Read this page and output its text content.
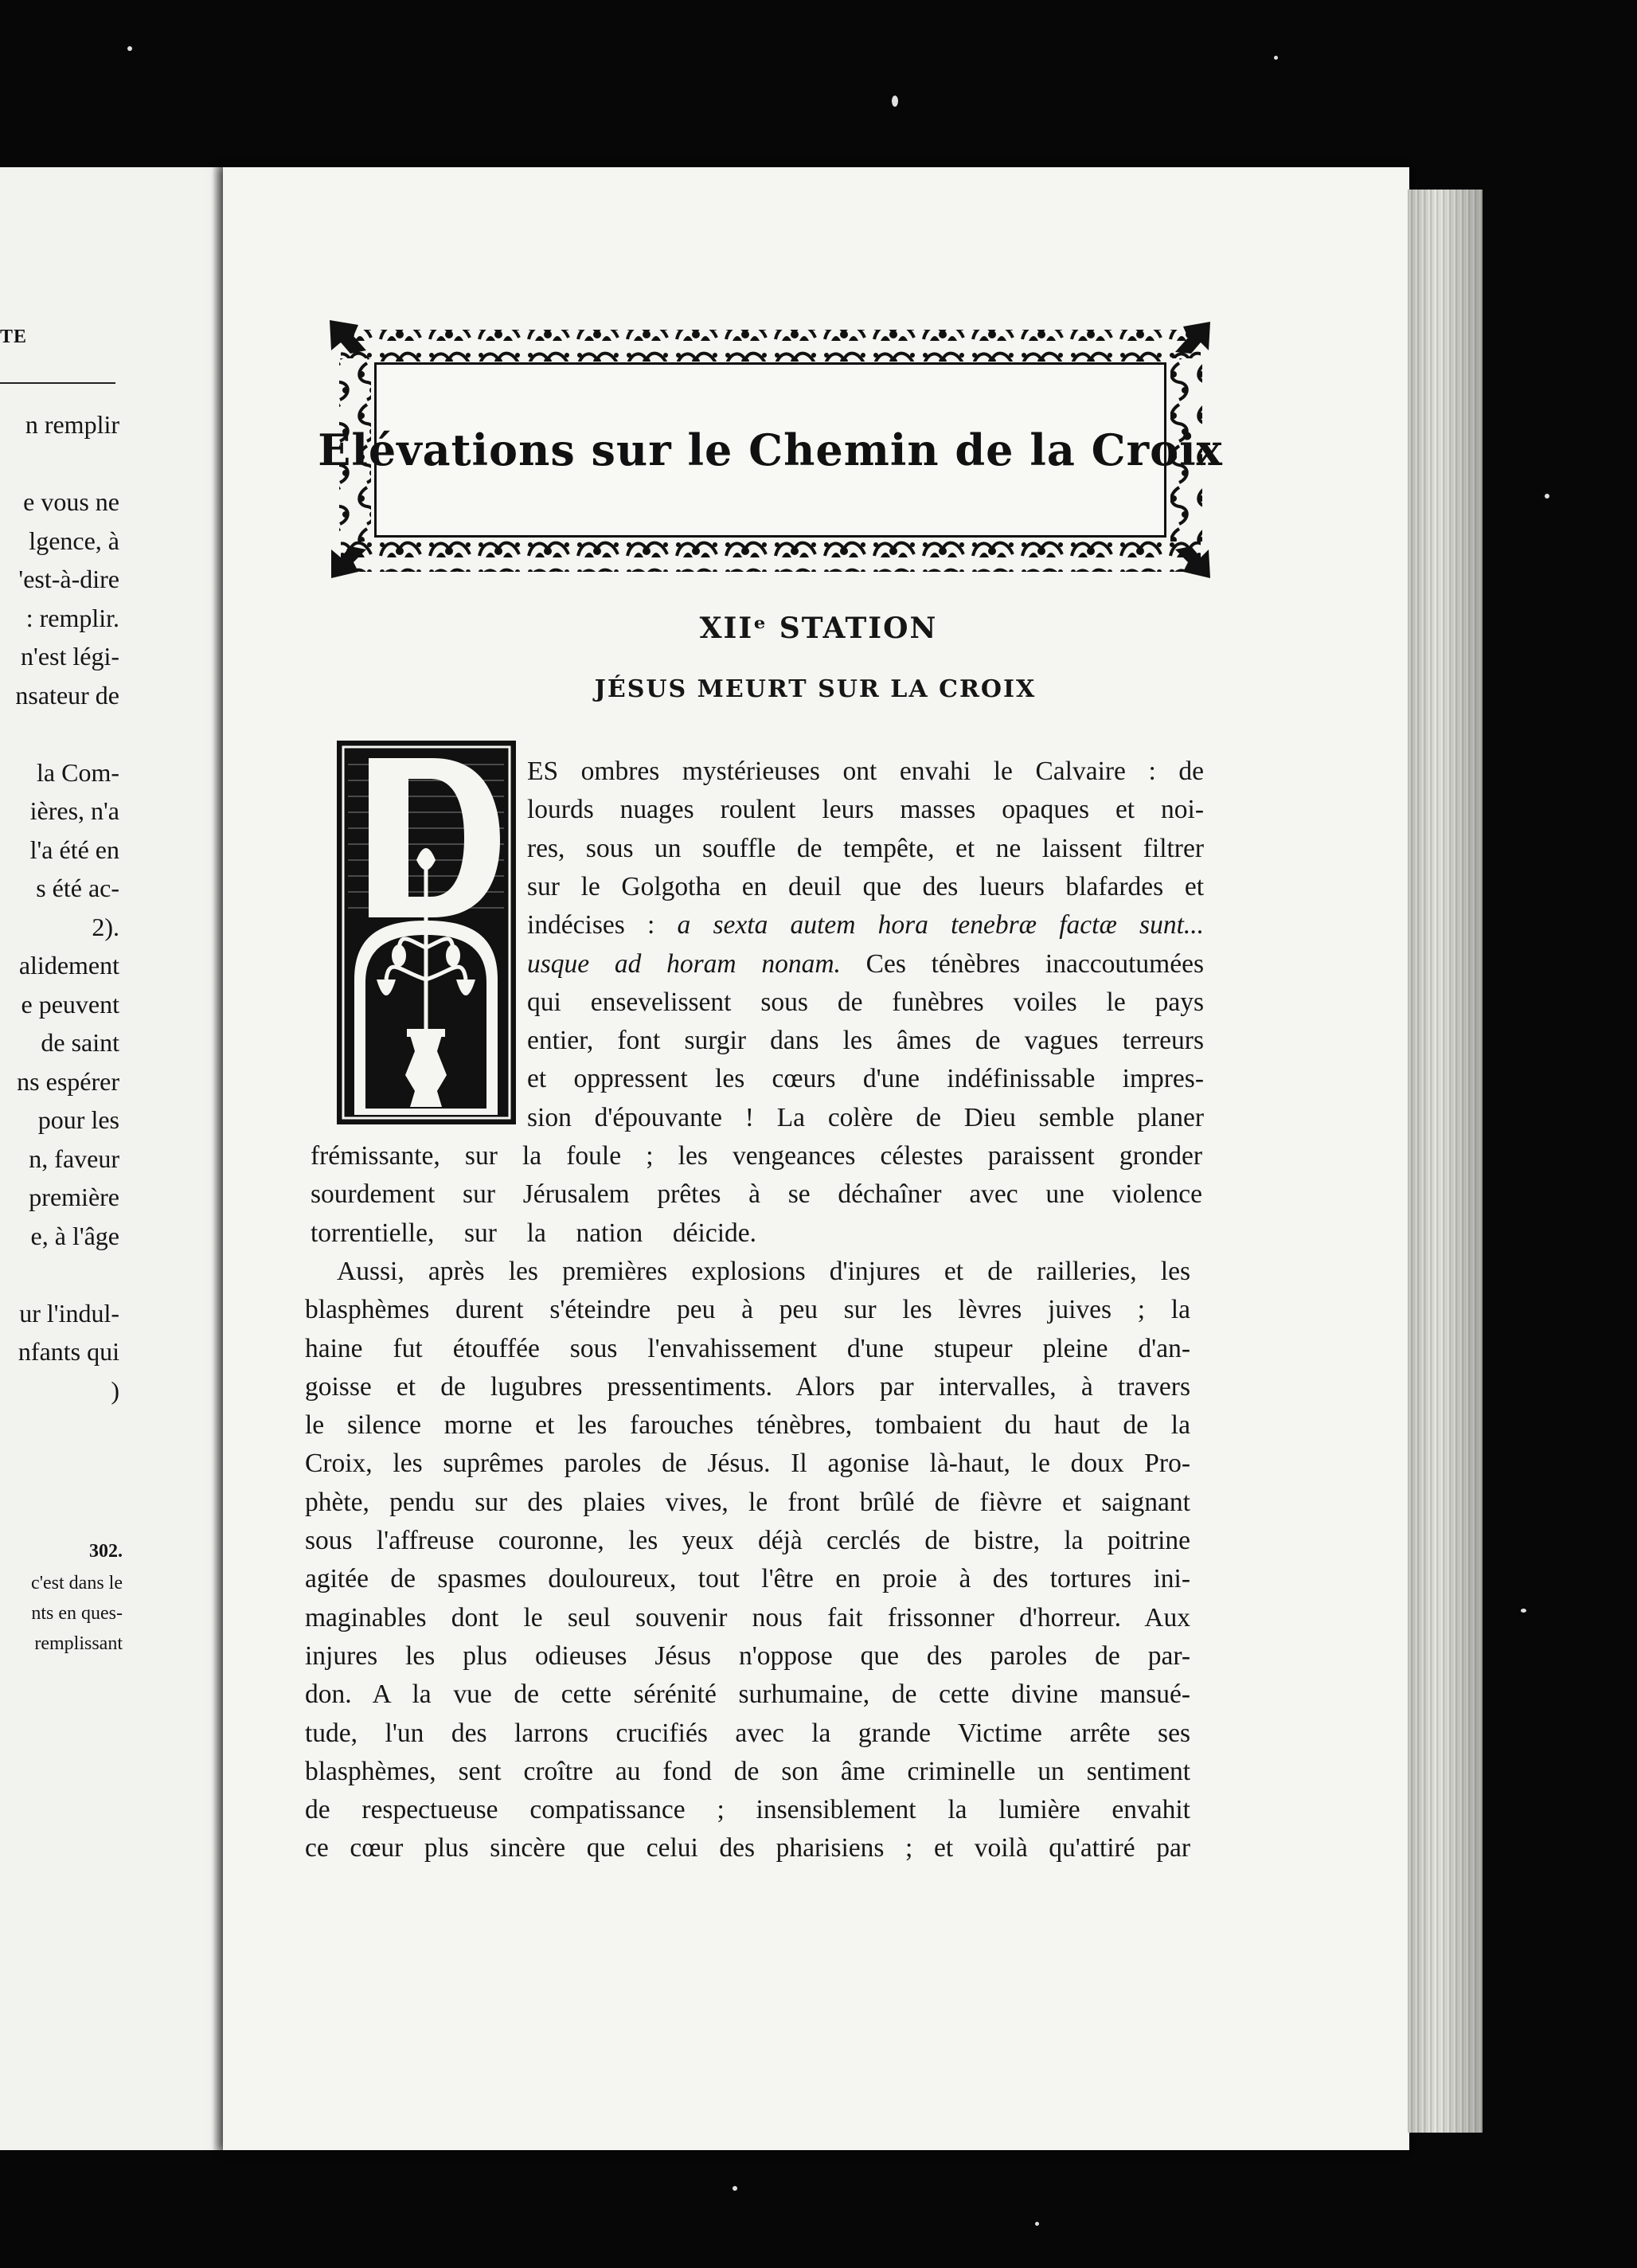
TE
n remplir
e vous ne
lgence, à
'est-à-dire
: remplir.
n'est légi-
nsateur de
la Com-
ières, n'a
l'a été en
s été ac-
2).
alidement
e peuvent
de saint
ns espérer
pour les
n, faveur
première
e, à l'âge
ur l'indul-
nfants qui
)
302.
c'est dans le
nts en ques-
remplissant
Elévations sur le Chemin de la Croix
XIIᵉ STATION
JÉSUS MEURT SUR LA CROIX
ES ombres mystérieuses ont envahi le Calvaire : de
lourds nuages roulent leurs masses opaques et noi-
res, sous un souffle de tempête, et ne laissent filtrer
sur le Golgotha en deuil que des lueurs blafardes et
indécises : a sexta autem hora tenebræ factæ sunt...
usque ad horam nonam. Ces ténèbres inaccoutumées
qui ensevelissent sous de funèbres voiles le pays
entier, font surgir dans les âmes de vagues terreurs
et oppressent les cœurs d'une indéfinissable impres-
sion d'épouvante ! La colère de Dieu semble planer
frémissante, sur la foule ; les vengeances célestes paraissent gronder
sourdement sur Jérusalem prêtes à se déchaîner avec une violence
torrentielle, sur la nation déicide.
Aussi, après les premières explosions d'injures et de railleries, les
blasphèmes durent s'éteindre peu à peu sur les lèvres juives ; la
haine fut étouffée sous l'envahissement d'une stupeur pleine d'an-
goisse et de lugubres pressentiments. Alors par intervalles, à travers
le silence morne et les farouches ténèbres, tombaient du haut de la
Croix, les suprêmes paroles de Jésus. Il agonise là-haut, le doux Pro-
phète, pendu sur des plaies vives, le front brûlé de fièvre et saignant
sous l'affreuse couronne, les yeux déjà cerclés de bistre, la poitrine
agitée de spasmes douloureux, tout l'être en proie à des tortures ini-
maginables dont le seul souvenir nous fait frissonner d'horreur. Aux
injures les plus odieuses Jésus n'oppose que des paroles de par-
don. A la vue de cette sérénité surhumaine, de cette divine mansué-
tude, l'un des larrons crucifiés avec la grande Victime arrête ses
blasphèmes, sent croître au fond de son âme criminelle un sentiment
de respectueuse compatissance ; insensiblement la lumière envahit
ce cœur plus sincère que celui des pharisiens ; et voilà qu'attiré par
